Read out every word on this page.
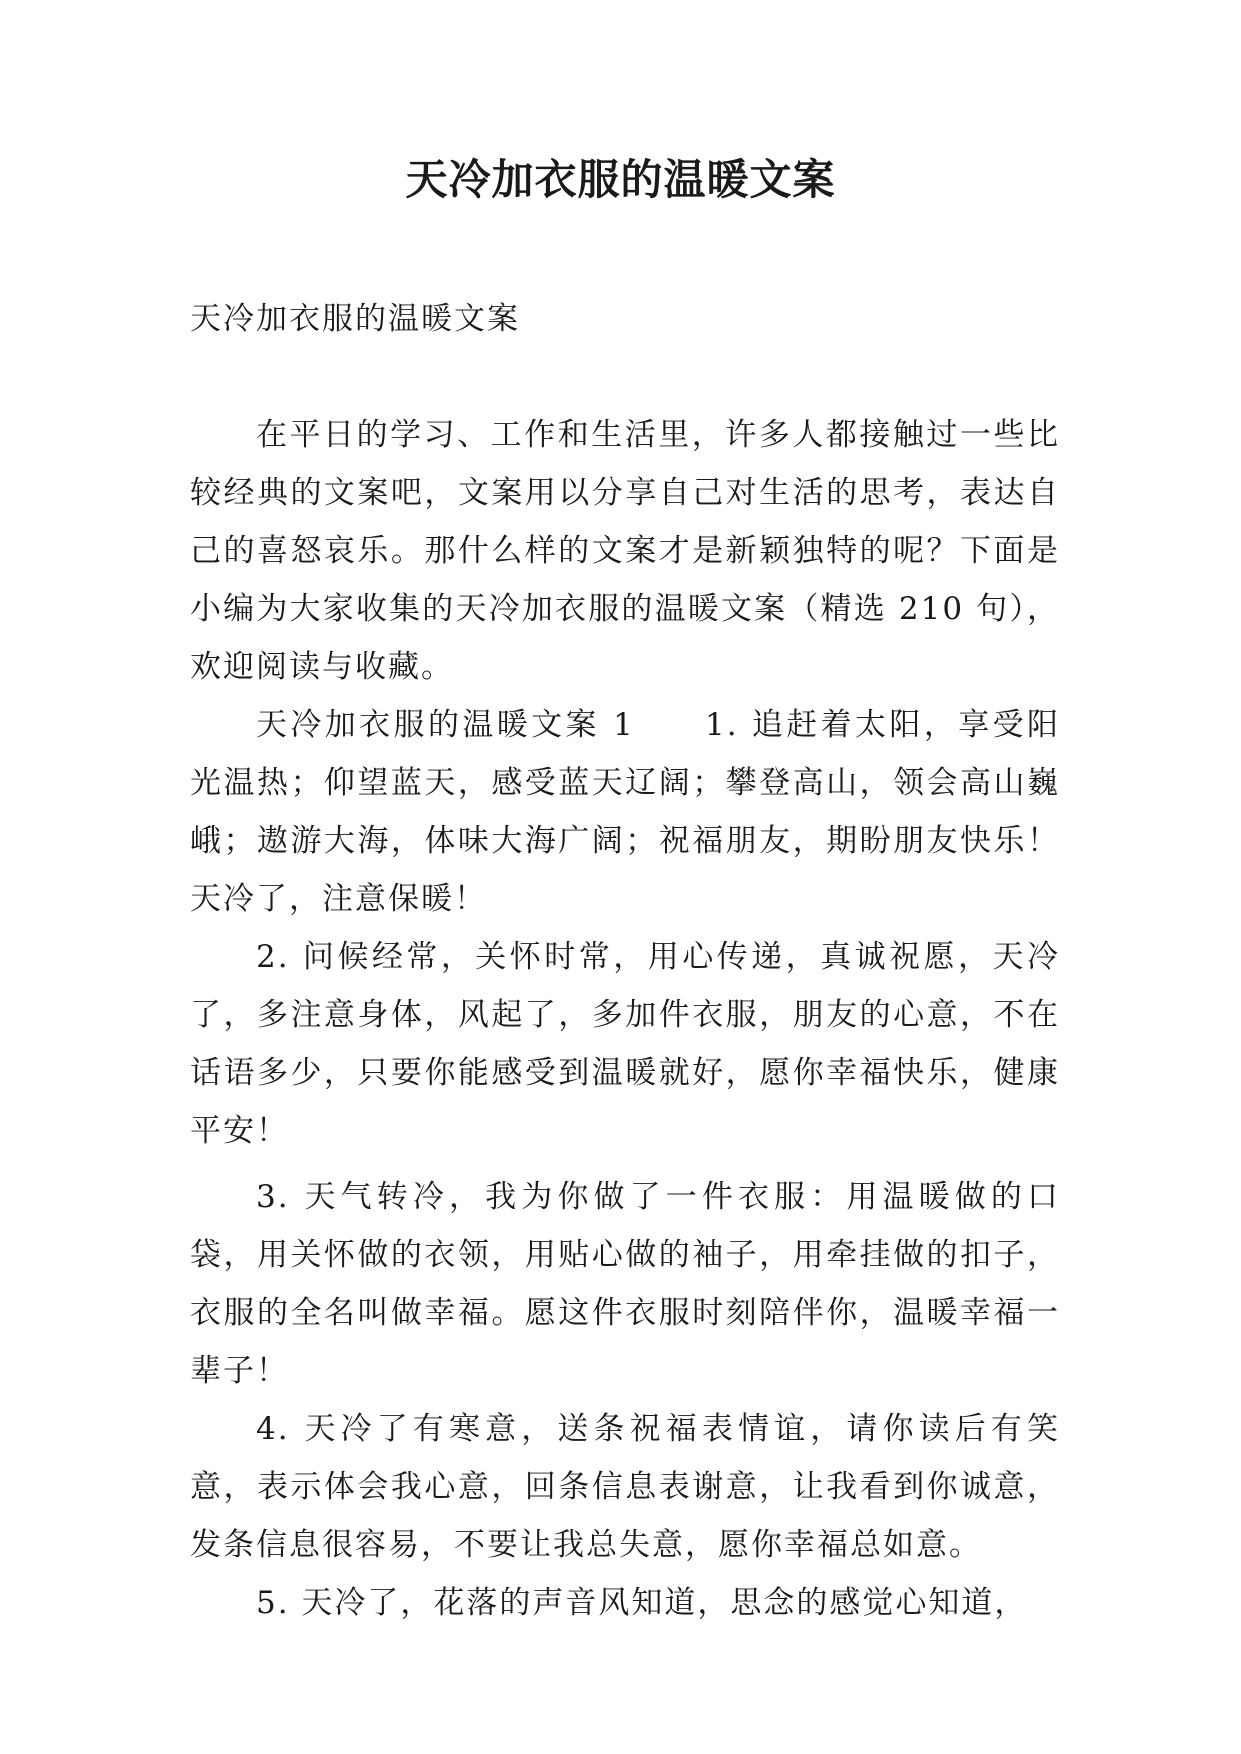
天冷加衣服的温暖文案

天冷加衣服的温暖文案

在平日的学习、工作和生活里，许多人都接触过一些比较经典的文案吧，文案用以分享自己对生活的思考，表达自己的喜怒哀乐。那什么样的文案才是新颖独特的呢？下面是小编为大家收集的天冷加衣服的温暖文案（精选 210 句），欢迎阅读与收藏。

天冷加衣服的温暖文案 1　　1. 追赶着太阳，享受阳光温热；仰望蓝天，感受蓝天辽阔；攀登高山，领会高山巍峨；遨游大海，体味大海广阔；祝福朋友，期盼朋友快乐！天冷了，注意保暖！

2. 问候经常，关怀时常，用心传递，真诚祝愿，天冷了，多注意身体，风起了，多加件衣服，朋友的心意，不在话语多少，只要你能感受到温暖就好，愿你幸福快乐，健康平安！

3. 天气转冷，我为你做了一件衣服：用温暖做的口袋，用关怀做的衣领，用贴心做的袖子，用牵挂做的扣子，衣服的全名叫做幸福。愿这件衣服时刻陪伴你，温暖幸福一辈子！

4. 天冷了有寒意，送条祝福表情谊，请你读后有笑意，表示体会我心意，回条信息表谢意，让我看到你诚意，发条信息很容易，不要让我总失意，愿你幸福总如意。

5. 天冷了，花落的声音风知道，思念的感觉心知道，
